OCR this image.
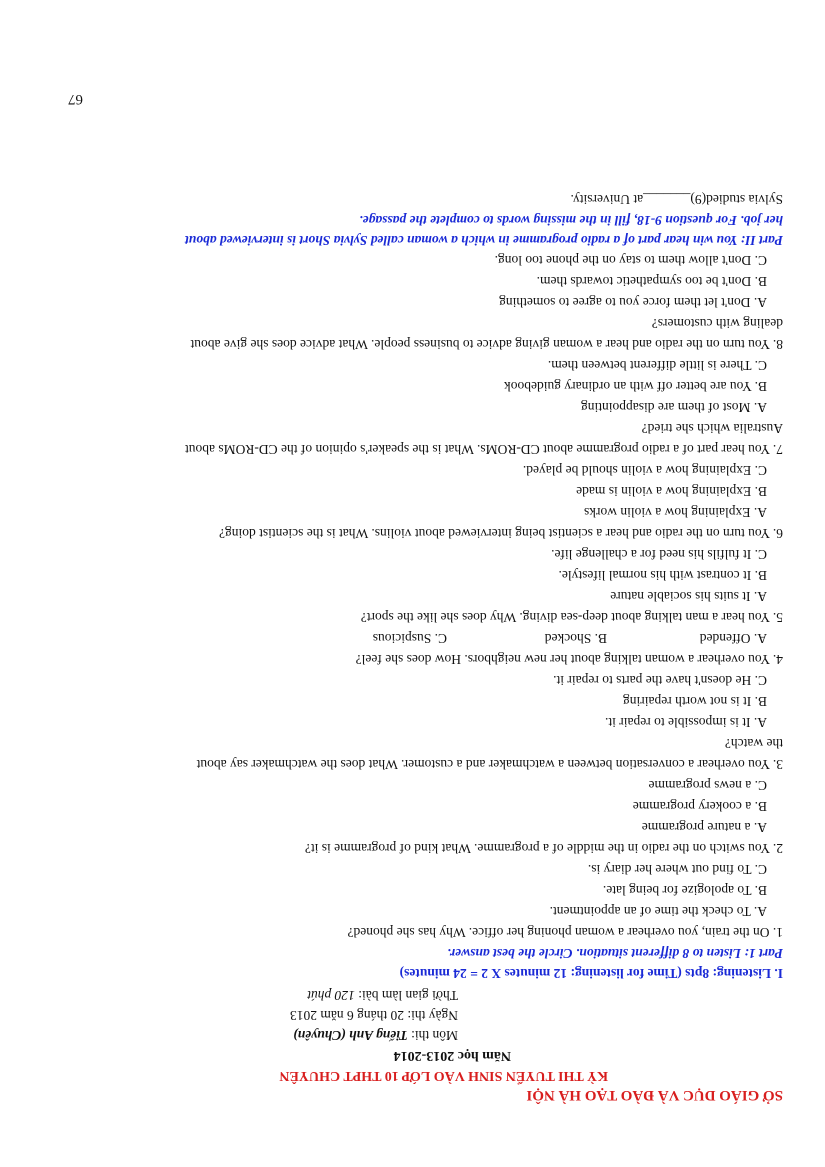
SỞ GIÁO DỤC VÀ ĐÀO TẠO HÀ NỘI
KỲ THI TUYỂN SINH VÀO LỚP 10 THPT CHUYÊN
Năm học 2013-2014
Môn thi: Tiếng Anh (Chuyên)
Ngày thi: 20 tháng 6 năm 2013
Thời gian làm bài: 120 phút
I. Listening: 8pts (Time for listening: 12 minutes X 2 = 24 minutes)
Part 1: Listen to 8 different situation. Circle the best answer.
1. On the train, you overhear a woman phoning her office. Why has she phoned?
A. To check the time of an appointment.
B. To apologize for being late.
C. To find out where her diary is.
2. You switch on the radio in the middle of a programme. What kind of programme is it?
A. a nature programme
B. a cookery programme
C. a news programme
3. You overhear a conversation between a watchmaker and a customer. What does the watchmaker say about
the watch?
A. It is impossible to repair it.
B. It is not worth repairing
C. He doesn't have the parts to repair it.
4. You overhear a woman talking about her new neighbors. How does she feel?
A. Offended
B. Shocked
C. Suspicious
5. You hear a man talking about deep-sea diving. Why does she like the sport?
A. It suits his sociable nature
B. It contrast with his normal lifestyle.
C. It fulfils his need for a challenge life.
6. You turn on the radio and hear a scientist being interviewed about violins. What is the scientist doing?
A. Explaining how a violin works
B. Explaining how a violin is made
C. Explaining how a violin should be played.
7. You hear part of a radio programme about CD-ROMs. What is the speaker's opinion of the CD-ROMs about
Australia which she tried?
A. Most of them are disappointing
B. You are better off with an ordinary guidebook
C. There is little different between them.
8. You turn on the radio and hear a woman giving advice to business people. What advice does she give about
dealing with customers?
A. Don't let them force you to agree to something
B. Don't be too sympathetic towards them.
C. Don't allow them to stay on the phone too long.
Part II: You win hear part of a radio programme in which a woman called Sylvia Short is interviewed about
her job. For question 9-18, fill in the missing words to complete the passage.
Sylvia studied(9)_______at University.
67
